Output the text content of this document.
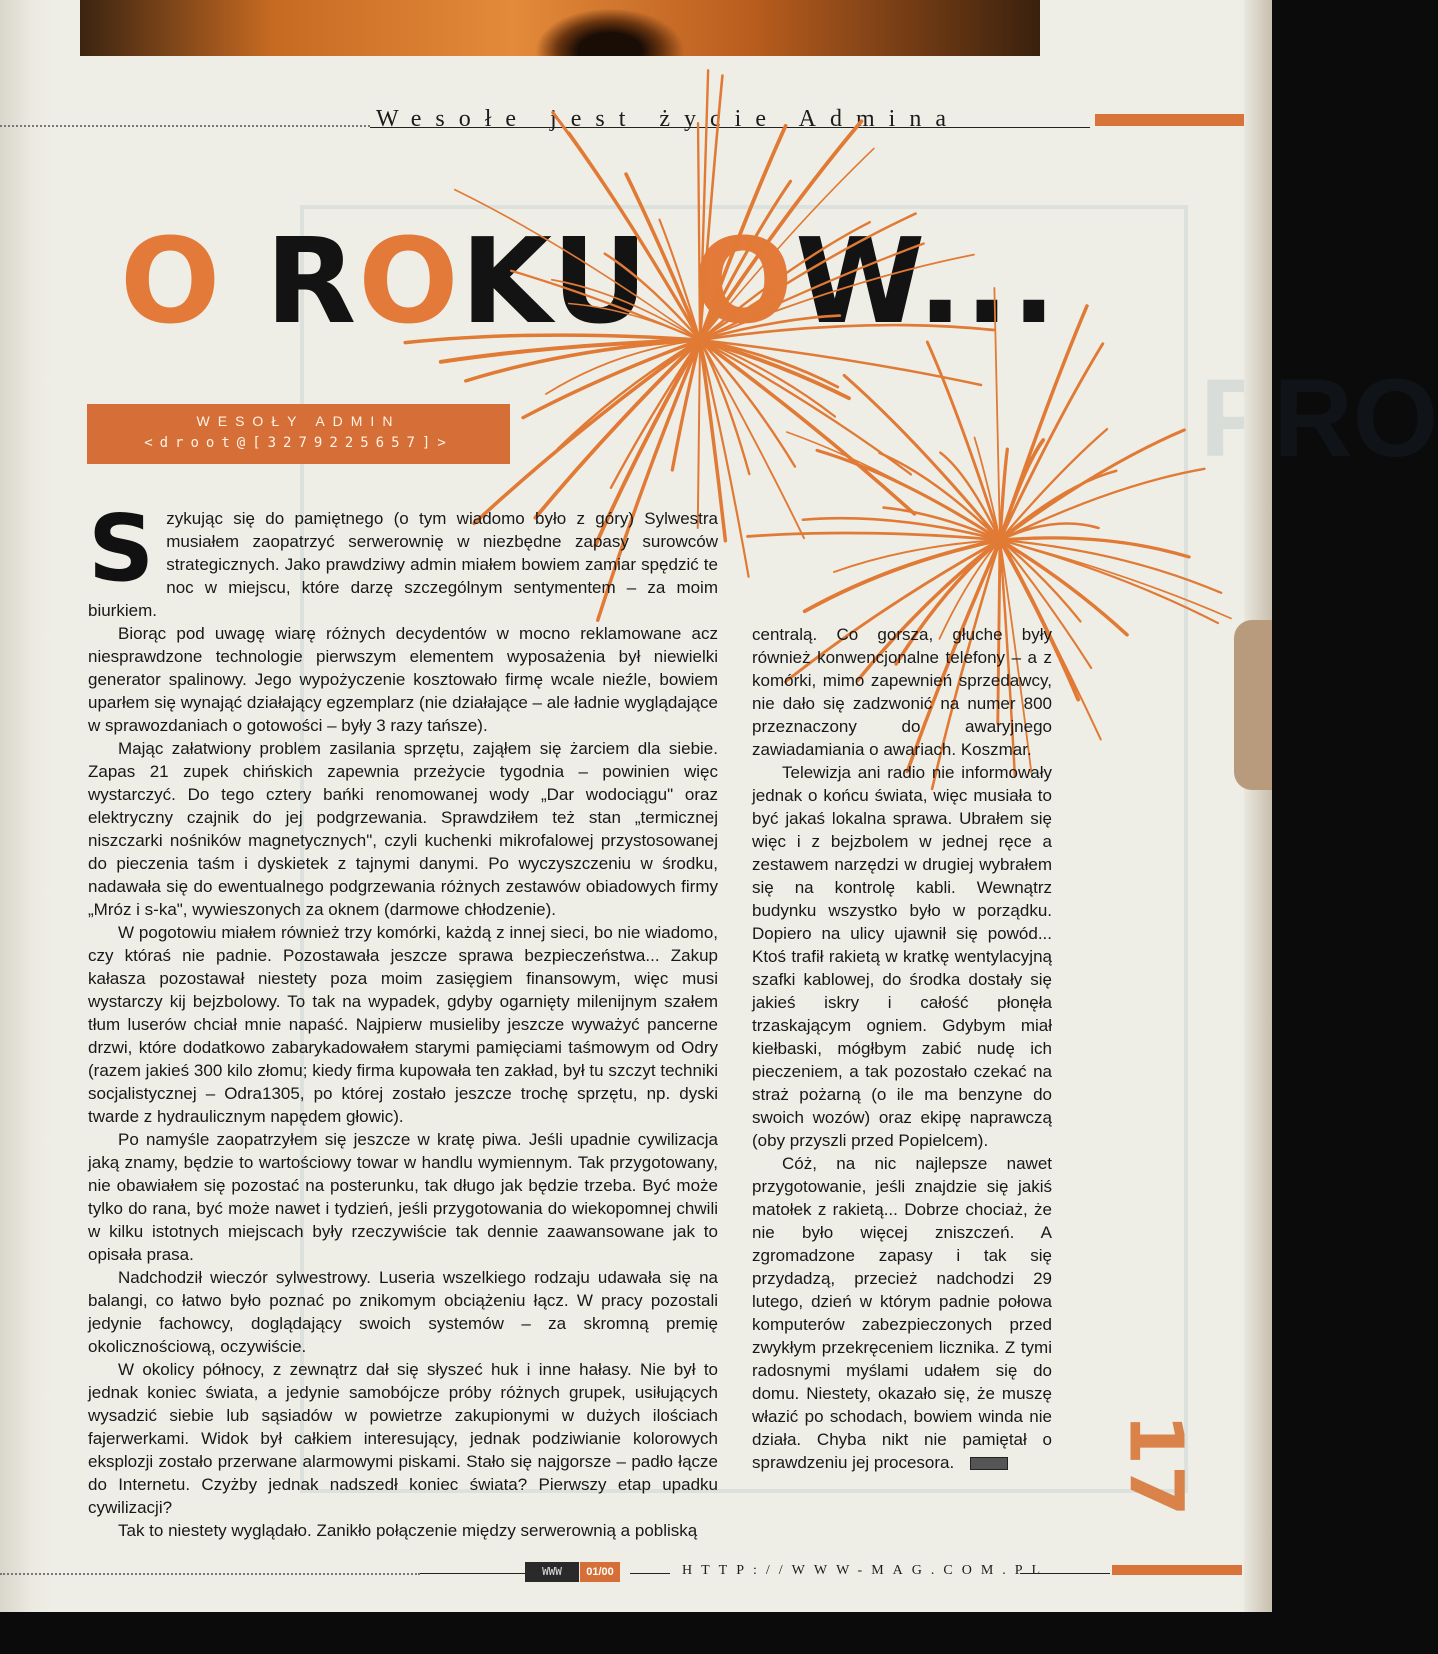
PRO
Wesołe jest życie Admina
O ROKU OW...
WESOŁY ADMIN
<droot@[3279225657]>

Szykując się do pamiętnego (o tym wiadomo było z góry) Sylwestra musiałem zaopatrzyć serwerownię w niezbędne zapasy surowców strategicznych. Jako prawdziwy admin miałem bowiem zamiar spędzić te noc w miejscu, które darzę szczególnym sentymentem – za moim biurkiem.

Biorąc pod uwagę wiarę różnych decydentów w mocno reklamowane acz niesprawdzone technologie pierwszym elementem wyposażenia był niewielki generator spalinowy. Jego wypożyczenie kosztowało firmę wcale nieźle, bowiem uparłem się wynająć działający egzemplarz (nie działające – ale ładnie wyglądające w sprawozdaniach o gotowości – były 3 razy tańsze).

Mając załatwiony problem zasilania sprzętu, zająłem się żarciem dla siebie. Zapas 21 zupek chińskich zapewnia przeżycie tygodnia – powinien więc wystarczyć. Do tego cztery bańki renomowanej wody „Dar wodociągu" oraz elektryczny czajnik do jej podgrzewania. Sprawdziłem też stan „termicznej niszczarki nośników magnetycznych", czyli kuchenki mikrofalowej przystosowanej do pieczenia taśm i dyskietek z tajnymi danymi. Po wyczyszczeniu w środku, nadawała się do ewentualnego podgrzewania różnych zestawów obiadowych firmy „Mróz i s-ka", wywieszonych za oknem (darmowe chłodzenie).

W pogotowiu miałem również trzy komórki, każdą z innej sieci, bo nie wiadomo, czy któraś nie padnie. Pozostawała jeszcze sprawa bezpieczeństwa... Zakup kałasza pozostawał niestety poza moim zasięgiem finansowym, więc musi wystarczy kij bejzbolowy. To tak na wypadek, gdyby ogarnięty milenijnym szałem tłum luserów chciał mnie napaść. Najpierw musieliby jeszcze wyważyć pancerne drzwi, które dodatkowo zabarykadowałem starymi pamięciami taśmowym od Odry (razem jakieś 300 kilo złomu; kiedy firma kupowała ten zakład, był tu szczyt techniki socjalistycznej – Odra1305, po której zostało jeszcze trochę sprzętu, np. dyski twarde z hydraulicznym napędem głowic).

Po namyśle zaopatrzyłem się jeszcze w kratę piwa. Jeśli upadnie cywilizacja jaką znamy, będzie to wartościowy towar w handlu wymiennym. Tak przygotowany, nie obawiałem się pozostać na posterunku, tak długo jak będzie trzeba. Być może tylko do rana, być może nawet i tydzień, jeśli przygotowania do wiekopomnej chwili w kilku istotnych miejscach były rzeczywiście tak dennie zaawansowane jak to opisała prasa.

Nadchodził wieczór sylwestrowy. Luseria wszelkiego rodzaju udawała się na balangi, co łatwo było poznać po znikomym obciążeniu łącz. W pracy pozostali jedynie fachowcy, doglądający swoich systemów – za skromną premię okolicznościową, oczywiście.

W okolicy północy, z zewnątrz dał się słyszeć huk i inne hałasy. Nie był to jednak koniec świata, a jedynie samobójcze próby różnych grupek, usiłujących wysadzić siebie lub sąsiadów w powietrze zakupionymi w dużych ilościach fajerwerkami. Widok był całkiem interesujący, jednak podziwianie kolorowych eksplozji zostało przerwane alarmowymi piskami. Stało się najgorsze – padło łącze do Internetu. Czyżby jednak nadszedł koniec świata? Pierwszy etap upadku cywilizacji?

Tak to niestety wyglądało. Zanikło połączenie między serwerownią a pobliską

centralą. Co gorsza, głuche były również konwencjonalne telefony – a z komórki, mimo zapewnień sprzedawcy, nie dało się zadzwonić na numer 800 przeznaczony do awaryjnego zawiadamiania o awariach. Koszmar.

Telewizja ani radio nie informowały jednak o końcu świata, więc musiała to być jakaś lokalna sprawa. Ubrałem się więc i z bejzbolem w jednej ręce a zestawem narzędzi w drugiej wybrałem się na kontrolę kabli. Wewnątrz budynku wszystko było w porządku. Dopiero na ulicy ujawnił się powód... Ktoś trafił rakietą w kratkę wentylacyjną szafki kablowej, do środka dostały się jakieś iskry i całość płonęła trzaskającym ogniem. Gdybym miał kiełbaski, mógłbym zabić nudę ich pieczeniem, a tak pozostało czekać na straż pożarną (o ile ma benzyne do swoich wozów) oraz ekipę naprawczą (oby przyszli przed Popielcem).

Cóż, na nic najlepsze nawet przygotowanie, jeśli znajdzie się jakiś matołek z rakietą... Dobrze chociaż, że nie było więcej zniszczeń. A zgromadzone zapasy i tak się przydadzą, przecież nadchodzi 29 lutego, dzień w którym padnie połowa komputerów zabezpieczonych przed zwykłym przekręceniem licznika. Z tymi radosnymi myślami udałem się do domu. Niestety, okazało się, że muszę włazić po schodach, bowiem winda nie działa. Chyba nikt nie pamiętał o sprawdzeniu jej procesora.	17
WWW	01/00	HTTP://WWW-MAG.COM.PL
